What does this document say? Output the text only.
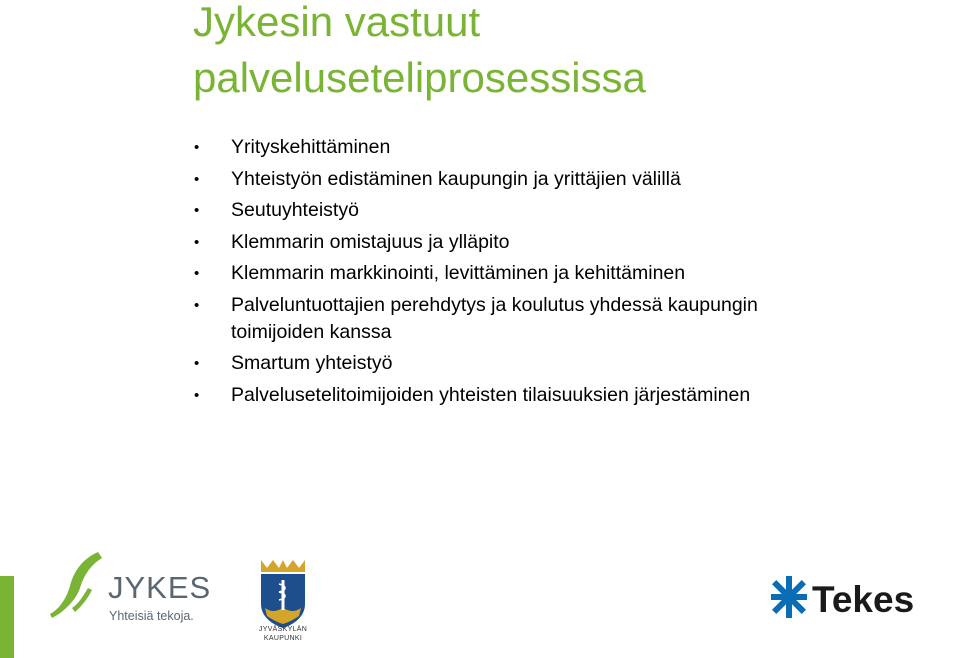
Jykesin vastuut
palveluseteliprosessissa
• Yrityskehittäminen
• Yhteistyön edistäminen kaupungin ja yrittäjien välillä
• Seutuyhteistyö
• Klemmarin omistajuus ja ylläpito
• Klemmarin markkinointi, levittäminen ja kehittäminen
• Palveluntuottajien perehdytys ja koulutus yhdessä kaupungin toimijoiden kanssa
• Smartum yhteistyö
• Palvelusetelitoimijoiden yhteisten tilaisuuksien järjestäminen
JYKES
Yhteisiä tekoja.
JYVÄSKYLÄN
KAUPUNKI
Tekes
